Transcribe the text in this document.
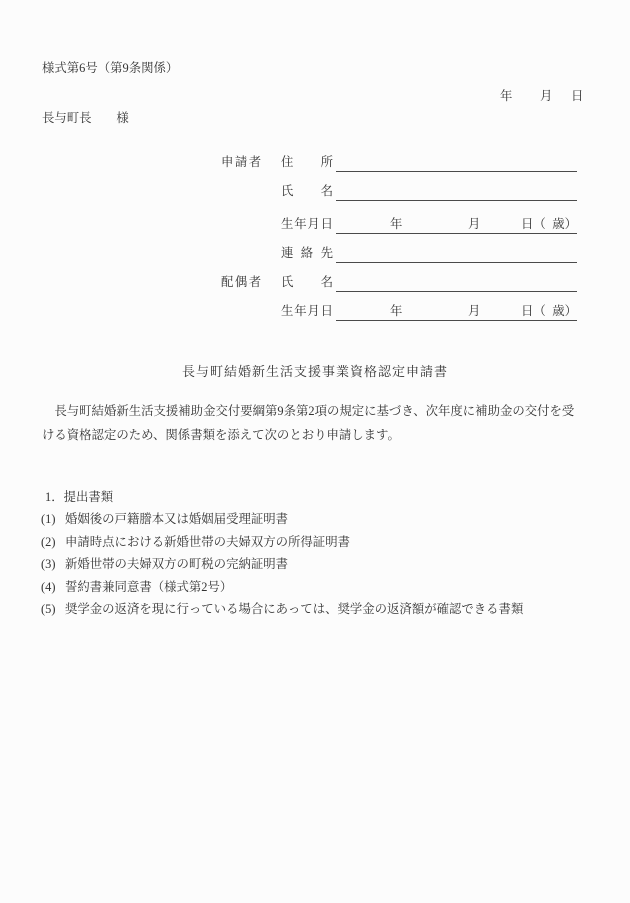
様式第6号（第9条関係）

年

月

日

長与町長　　様
申請者 住所
氏名
生年月日	年	月	日（ 歳）
連絡先
配偶者 氏名
生年月日	年	月	日（ 歳）
長与町結婚新生活支援事業資格認定申請書
　長与町結婚新生活支援補助金交付要綱第9条第2項の規定に基づき、次年度に補助金の交付を受
ける資格認定のため、関係書類を添えて次のとおり申請します。
1．提出書類
(1) 婚姻後の戸籍謄本又は婚姻届受理証明書
(2) 申請時点における新婚世帯の夫婦双方の所得証明書
(3) 新婚世帯の夫婦双方の町税の完納証明書
(4) 誓約書兼同意書（様式第2号）
(5) 奨学金の返済を現に行っている場合にあっては、奨学金の返済額が確認できる書類
